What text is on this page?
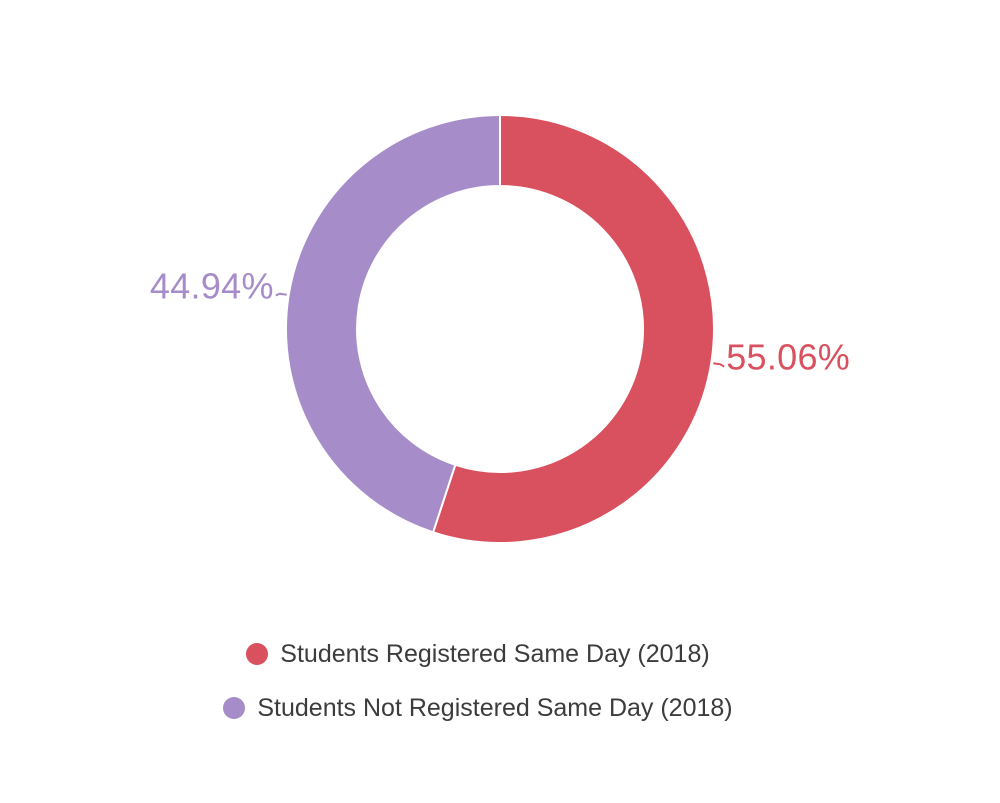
55.06%
44.94%
Students Registered Same Day (2018)
Students Not Registered Same Day (2018)
